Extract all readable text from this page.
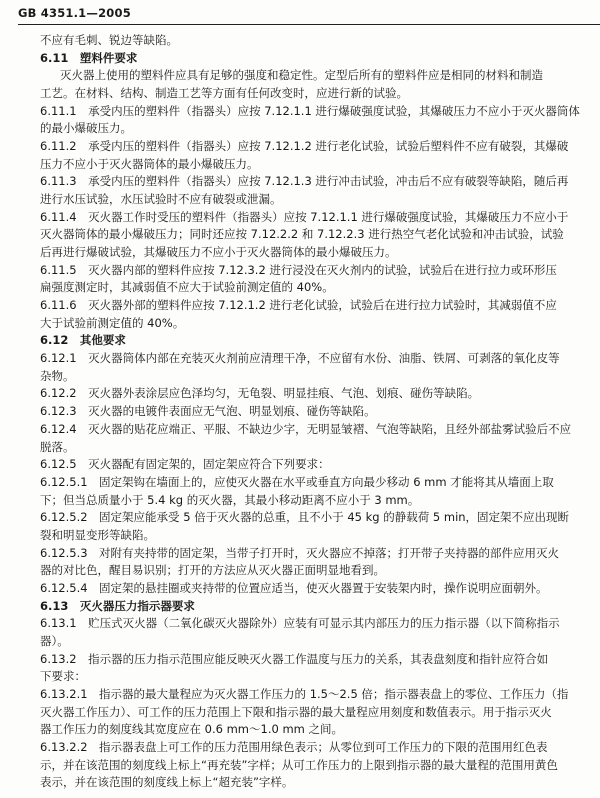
GB 4351.1—2005
不应有毛刺、锐边等缺陷。
6.11　塑料件要求
灭火器上使用的塑料件应具有足够的强度和稳定性。定型后所有的塑料件应是相同的材料和制造
工艺。在材料、结构、制造工艺等方面有任何改变时，应进行新的试验。
6.11.1　承受内压的塑料件（指器头）应按 7.12.1.1 进行爆破强度试验，其爆破压力不应小于灭火器筒体
的最小爆破压力。
6.11.2　承受内压的塑料件（指器头）应按 7.12.1.2 进行老化试验，试验后塑料件不应有破裂，其爆破
压力不应小于灭火器筒体的最小爆破压力。
6.11.3　承受内压的塑料件（指器头）应按 7.12.1.3 进行冲击试验，冲击后不应有破裂等缺陷，随后再
进行水压试验，水压试验时不应有破裂或泄漏。
6.11.4　灭火器工作时受压的塑料件（指器头）应按 7.12.1.1 进行爆破强度试验，其爆破压力不应小于
灭火器筒体的最小爆破压力；同时还应按 7.12.2.2 和 7.12.2.3 进行热空气老化试验和冲击试验，试验
后再进行爆破试验，其爆破压力不应小于灭火器筒体的最小爆破压力。
6.11.5　灭火器内部的塑料件应按 7.12.3.2 进行浸没在灭火剂内的试验，试验后在进行拉力或环形压
扁强度测定时，其减弱值不应大于试验前测定值的 40%。
6.11.6　灭火器外部的塑料件应按 7.12.1.2 进行老化试验，试验后在进行拉力试验时，其减弱值不应
大于试验前测定值的 40%。
6.12　其他要求
6.12.1　灭火器筒体内部在充装灭火剂前应清理干净，不应留有水份、油脂、铁屑、可剥落的氧化皮等
杂物。
6.12.2　灭火器外表涂层应色泽均匀，无龟裂、明显挂痕、气泡、划痕、碰伤等缺陷。
6.12.3　灭火器的电镀件表面应无气泡、明显划痕、碰伤等缺陷。
6.12.4　灭火器的贴花应端正、平服、不缺边少字，无明显皱褶、气泡等缺陷，且经外部盐雾试验后不应
脱落。
6.12.5　灭火器配有固定架的，固定架应符合下列要求：
6.12.5.1　固定架钩在墙面上的，应使灭火器在水平或垂直方向最少移动 6 mm 才能将其从墙面上取
下；但当总质量小于 5.4 kg 的灭火器，其最小移动距离不应小于 3 mm。
6.12.5.2　固定架应能承受 5 倍于灭火器的总重，且不小于 45 kg 的静载荷 5 min，固定架不应出现断
裂和明显变形等缺陷。
6.12.5.3　对附有夹持带的固定架，当带子打开时，灭火器应不掉落；打开带子夹持器的部件应用灭火
器的对比色，醒目易识别；打开的方法应从灭火器正面明显地看到。
6.12.5.4　固定架的悬挂圈或夹持带的位置应适当，使灭火器置于安装架内时，操作说明应面朝外。
6.13　灭火器压力指示器要求
6.13.1　贮压式灭火器（二氧化碳灭火器除外）应装有可显示其内部压力的压力指示器（以下简称指示
器）。
6.13.2　指示器的压力指示范围应能反映灭火器工作温度与压力的关系，其表盘刻度和指针应符合如
下要求：
6.13.2.1　指示器的最大量程应为灭火器工作压力的 1.5～2.5 倍；指示器表盘上的零位、工作压力（指
灭火器工作压力）、可工作的压力范围上下限和指示器的最大量程应用刻度和数值表示。用于指示灭火
器工作压力的刻度线其宽度应在 0.6 mm～1.0 mm 之间。
6.13.2.2　指示器表盘上可工作的压力范围用绿色表示；从零位到可工作压力的下限的范围用红色表
示，并在该范围的刻度线上标上“再充装”字样；从可工作压力的上限到指示器的最大量程的范围用黄色
表示，并在该范围的刻度线上标上“超充装”字样。
